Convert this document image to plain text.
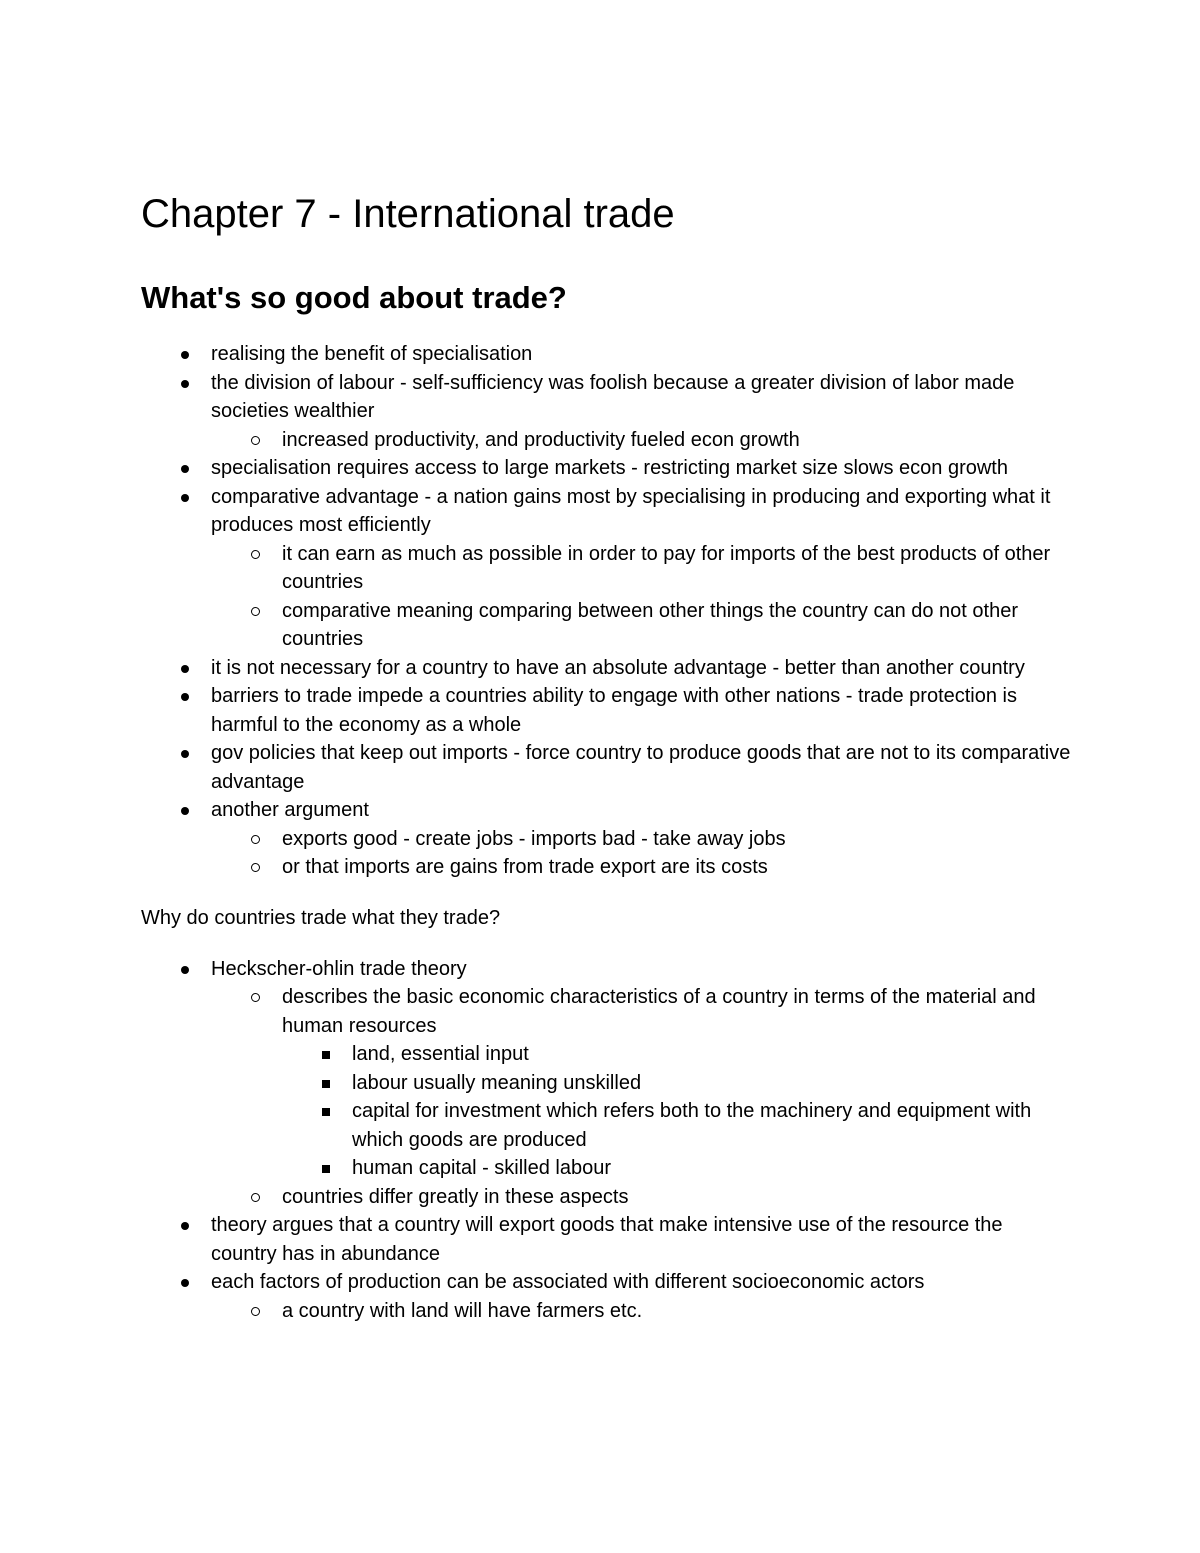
Chapter 7 - International trade
What's so good about trade?
realising the benefit of specialisation
the division of labour - self-sufficiency was foolish because a greater division of labor made societies wealthier
increased productivity, and productivity fueled econ growth
specialisation requires access to large markets - restricting market size slows econ growth
comparative advantage - a nation gains most by specialising in producing and exporting what it produces most efficiently
it can earn as much as possible in order to pay for imports of the best products of other countries
comparative meaning comparing between other things the country can do not other countries
it is not necessary for a country to have an absolute advantage - better than another country
barriers to trade impede a countries ability to engage with other nations - trade protection is harmful to the economy as a whole
gov policies that keep out imports - force country to produce goods that are not to its comparative advantage
another argument
exports good - create jobs - imports bad - take away jobs
or that imports are gains from trade export are its costs

Why do countries trade what they trade?

Heckscher-ohlin trade theory
describes the basic economic characteristics of a country in terms of the material and human resources
land, essential input
labour usually meaning unskilled
capital for investment which refers both to the machinery and equipment with which goods are produced
human capital - skilled labour
countries differ greatly in these aspects
theory argues that a country will export goods that make intensive use of the resource the country has in abundance
each factors of production can be associated with different socioeconomic actors
a country with land will have farmers etc.
